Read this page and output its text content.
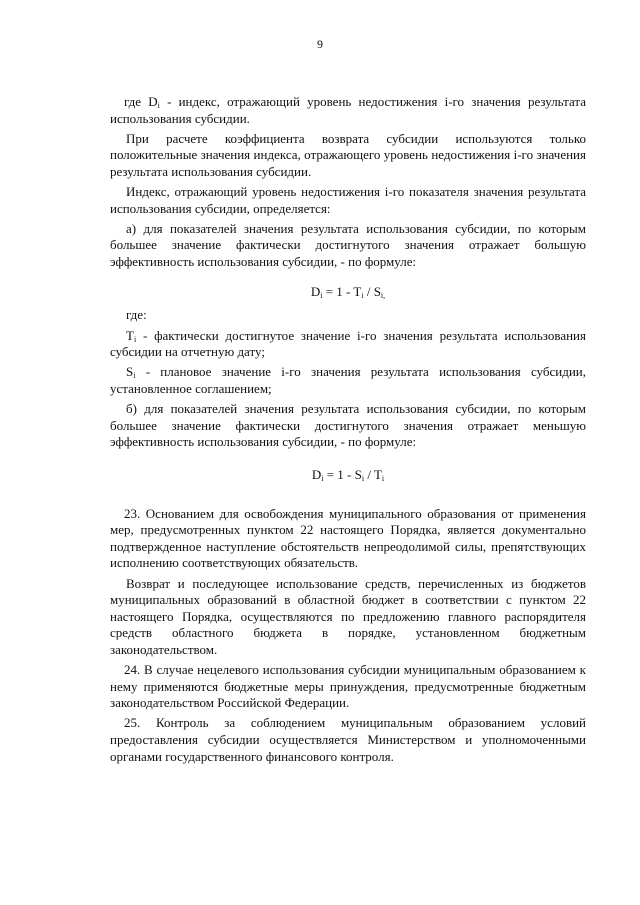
9

где $D_i$ - индекс, отражающий уровень недостижения i-го значения результата использования субсидии.

При расчете коэффициента возврата субсидии используются только положительные значения индекса, отражающего уровень недостижения i-го значения результата использования субсидии.

Индекс, отражающий уровень недостижения i-го показателя значения результата использования субсидии, определяется:

а) для показателей значения результата использования субсидии, по которым большее значение фактически достигнутого значения отражает большую эффективность использования субсидии, - по формуле:

$D_i = 1 - T_i / S_{i,}$

где:

$T_i$ - фактически достигнутое значение i-го значения результата использования субсидии на отчетную дату;

$S_i$ - плановое значение i-го значения результата использования субсидии, установленное соглашением;

б) для показателей значения результата использования субсидии, по которым большее значение фактически достигнутого значения отражает меньшую эффективность использования субсидии, - по формуле:

$D_i = 1 - S_i / T_i$

23. Основанием для освобождения муниципального образования от применения мер, предусмотренных пунктом 22 настоящего Порядка, является документально подтвержденное наступление обстоятельств непреодолимой силы, препятствующих исполнению соответствующих обязательств.

Возврат и последующее использование средств, перечисленных из бюджетов муниципальных образований в областной бюджет в соответствии с пунктом 22 настоящего Порядка, осуществляются по предложению главного распорядителя средств областного бюджета в порядке, установленном бюджетным законодательством.

24. В случае нецелевого использования субсидии муниципальным образованием к нему применяются бюджетные меры принуждения, предусмотренные бюджетным законодательством Российской Федерации.

25. Контроль за соблюдением муниципальным образованием условий предоставления субсидии осуществляется Министерством и уполномоченными органами государственного финансового контроля.
